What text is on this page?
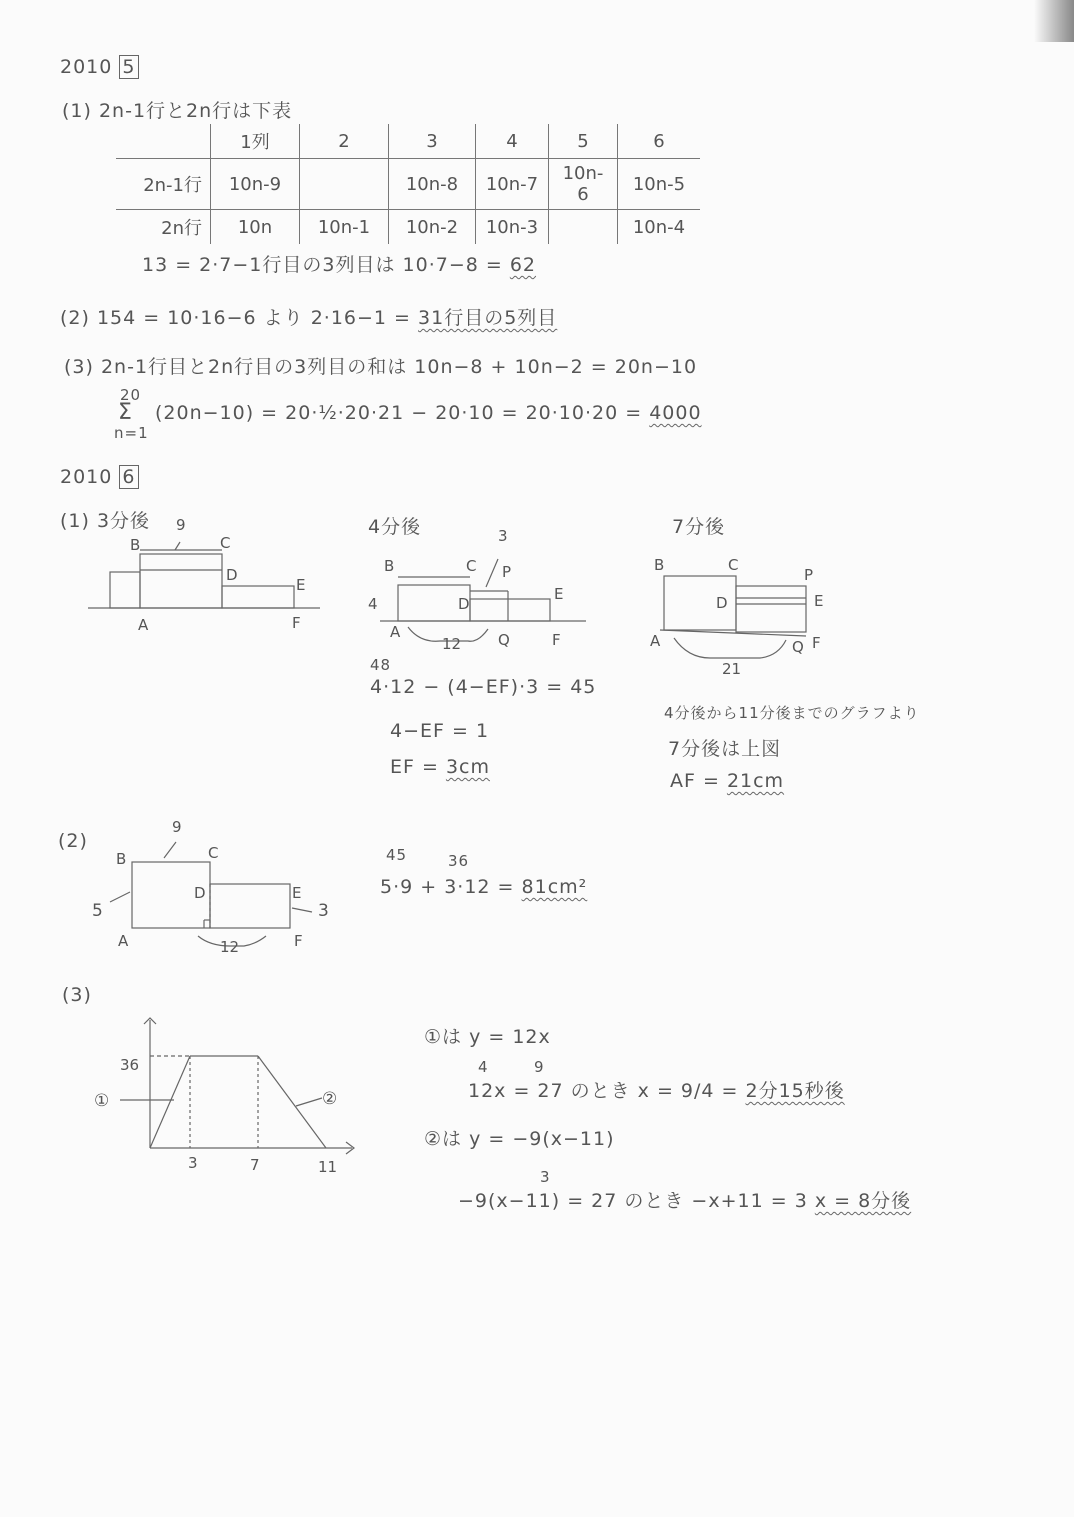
2010 5
(1) 2n-1行と2n行は下表
	1列	2	3	4	5	6
2n-1行	10n-9		10n-8	10n-7	10n-6	10n-5
2n行	10n	10n-1	10n-2	10n-3		10n-4
13 = 2·7−1行目の3列目は 10·7−8 = 62
(2) 154 = 10·16−6 より 2·16−1 = 31行目の5列目
(3) 2n-1行目と2n行目の3列目の和は 10n−8 + 10n−2 = 20n−10
20
Σ
n=1
(20n−10) = 20·½·20·21 − 20·10 = 20·10·20 = 4000
2010 6
(1) 3分後 9
B	C
D
E
A	F
4分後	3
B	C P
D
E
4
A
12 Q	F
48
4·12 − (4−EF)·3 = 45
4−EF = 1
EF = 3cm
7分後
B	C
P
D	E
A
21
Q F
4分後から11分後までのグラフより
7分後は上図
AF = 21cm
(2)
9
B	C
D	E
5	3
A	12	F
45	36
5·9 + 3·12 = 81cm²
(3)
36
3	7	11
①	②
①は y = 12x
4	9
12x = 27 のとき x = 9/4 = 2分15秒後
②は y = −9(x−11)
3
−9(x−11) = 27 のとき −x+11 = 3 x = 8分後
